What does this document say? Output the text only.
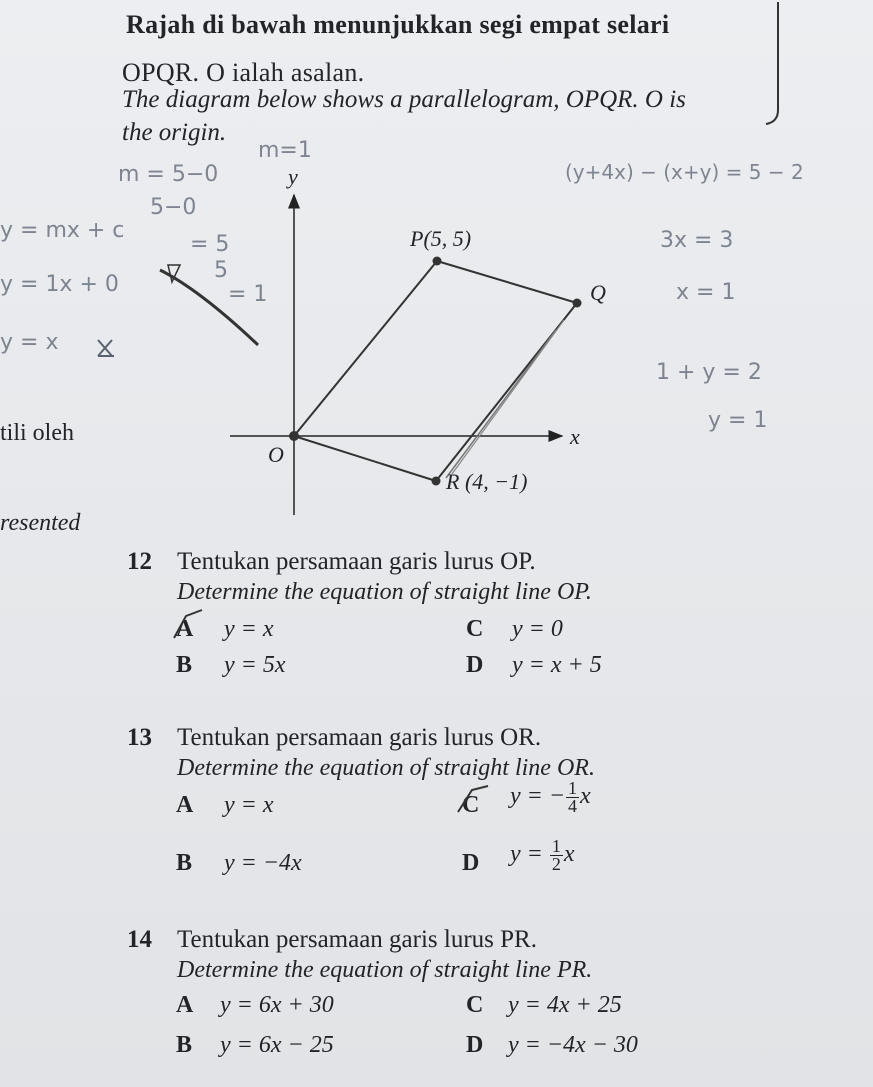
Rajah di bawah menunjukkan segi empat selari
OPQR. O ialah asalan.
The diagram below shows a parallelogram, OPQR. O is
the origin.
tili oleh
resented
m=1
m = 5−0
5−0
= 5
5
= 1
y = mx + c
y = 1x + 0
y = x
(y+4x) − (x+y) = 5 − 2
3x = 3
x = 1
1 + y = 2
y = 1
y
x
O
P(5, 5)
Q
R (4, −1)
12 Tentukan persamaan garis lurus OP.
Determine the equation of straight line OP.
A y = x
B y = 5x
C y = 0
D y = x + 5
13 Tentukan persamaan garis lurus OR.
Determine the equation of straight line OR.
A y = x
B y = −4x
C y = − $\frac{1}{4}$ x
D $y = \frac{1}{2}$ x
14 Tentukan persamaan garis lurus PR.
Determine the equation of straight line PR.
A y = 6x + 30
B y = 6x − 25
C y = 4x + 25
D y = −4x − 30
